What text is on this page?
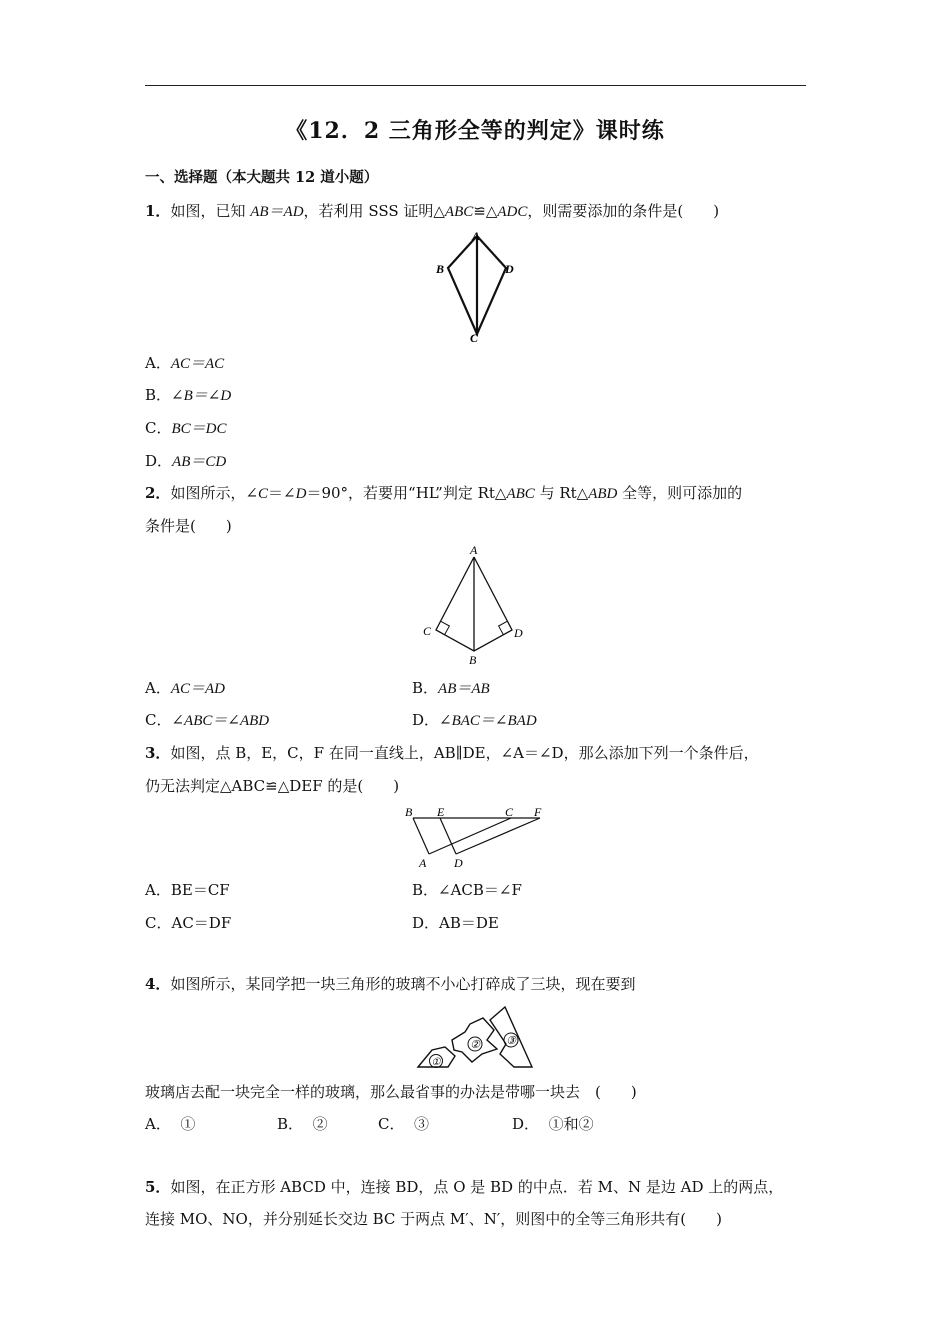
《12．2 三角形全等的判定》课时练
一、选择题（本大题共 12 道小题）
1．如图，已知 AB＝AD，若利用 SSS 证明△ABC≌△ADC，则需要添加的条件是(　　)
A
B	D
C
A．AC＝AC
B．∠B＝∠D
C．BC＝DC
D．AB＝CD
2．如图所示，∠C＝∠D＝90°，若要用“HL”判定 Rt△ABC 与 Rt△ABD 全等，则可添加的
条件是(　　)
A
C	D
B
A．AC＝AD	B．AB＝AB
C．∠ABC＝∠ABD	D．∠BAC＝∠BAD
3．如图，点 B，E，C，F 在同一直线上，AB∥DE，∠A＝∠D，那么添加下列一个条件后，
仍无法判定△ABC≌△DEF 的是(　　)
B E	C F
A D
A．BE＝CF	B．∠ACB＝∠F
C．AC＝DF	D．AB＝DE
4．如图所示，某同学把一块三角形的玻璃不小心打碎成了三块，现在要到
①
② ③
玻璃店去配一块完全一样的玻璃，那么最省事的办法是带哪一块去　(　　)
A． ①	B． ②	C． ③	D． ①和②
5．如图，在正方形 ABCD 中，连接 BD，点 O 是 BD 的中点．若 M、N 是边 AD 上的两点，
连接 MO、NO，并分别延长交边 BC 于两点 M′、N′，则图中的全等三角形共有(　　)
